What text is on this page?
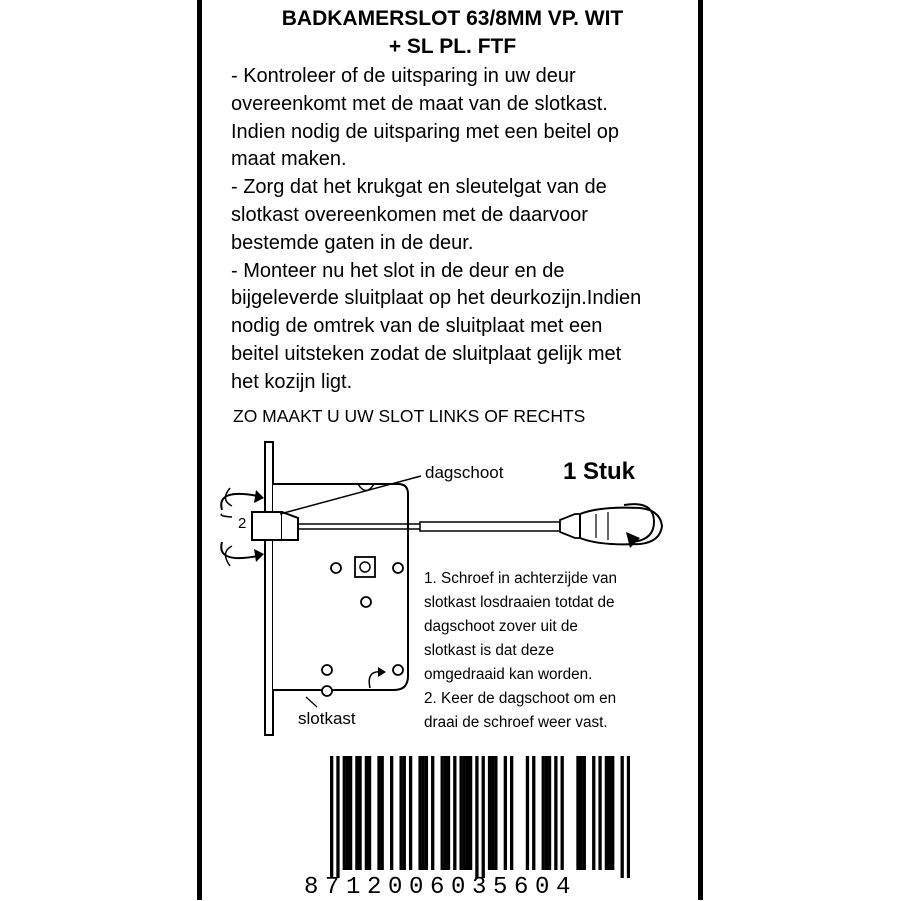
BADKAMERSLOT 63/8MM VP. WIT
+ SL PL. FTF
- Kontroleer of de uitsparing in uw deur
overeenkomt met de maat van de slotkast.
Indien nodig de uitsparing met een beitel op
maat maken.
- Zorg dat het krukgat en sleutelgat van de
slotkast overeenkomen met de daarvoor
bestemde gaten in de deur.
- Monteer nu het slot in de deur en de
bijgeleverde sluitplaat op het deurkozijn.Indien
nodig de omtrek van de sluitplaat met een
beitel uitsteken zodat de sluitplaat gelijk met
het kozijn ligt.
ZO MAAKT U UW SLOT LINKS OF RECHTS
2
dagschoot 1 Stuk
slotkast
1. Schroef in achterzijde van
slotkast losdraaien totdat de
dagschoot zover uit de
slotkast is dat deze
omgedraaid kan worden.
2. Keer de dagschoot om en
draai de schroef weer vast.
8712006035604
